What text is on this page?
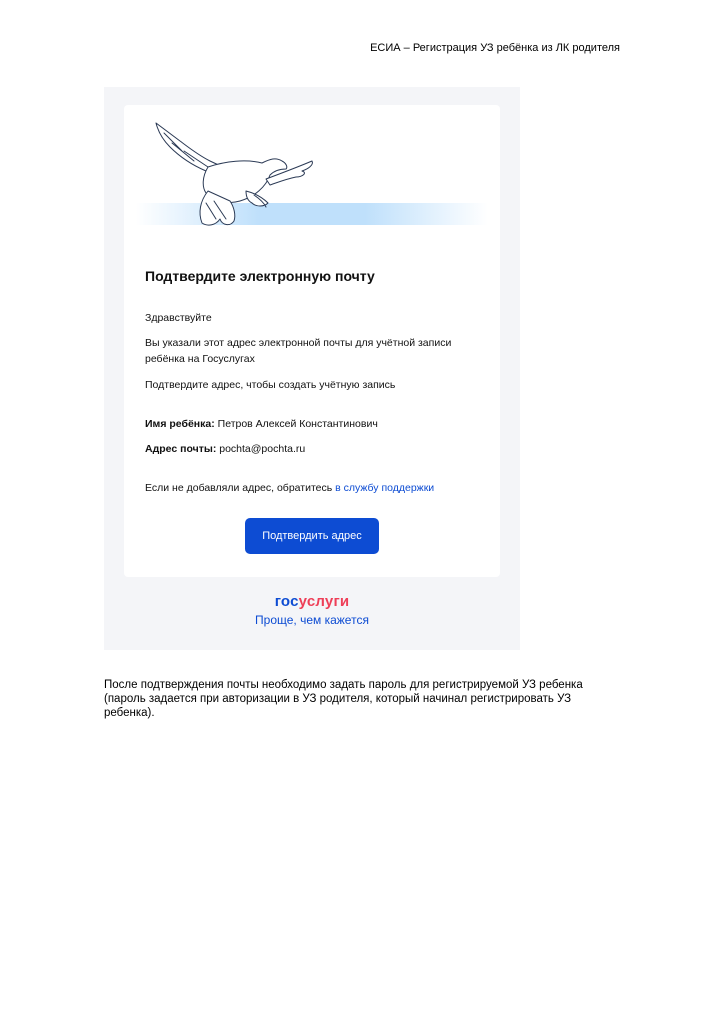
ЕСИА – Регистрация УЗ ребёнка из ЛК родителя
Подтвердите электронную почту
Здравствуйте
Вы указали этот адрес электронной почты для учётной записи ребёнка на Госуслугах
Подтвердите адрес, чтобы создать учётную запись
Имя ребёнка: Петров Алексей Константинович
Адрес почты: pochta@pochta.ru
Если не добавляли адрес, обратитесь в службу поддержки
Подтвердить адрес
госуслуги
Проще, чем кажется
После подтверждения почты необходимо задать пароль для регистрируемой УЗ ребенка (пароль задается при авторизации в УЗ родителя, который начинал регистрировать УЗ ребенка).
